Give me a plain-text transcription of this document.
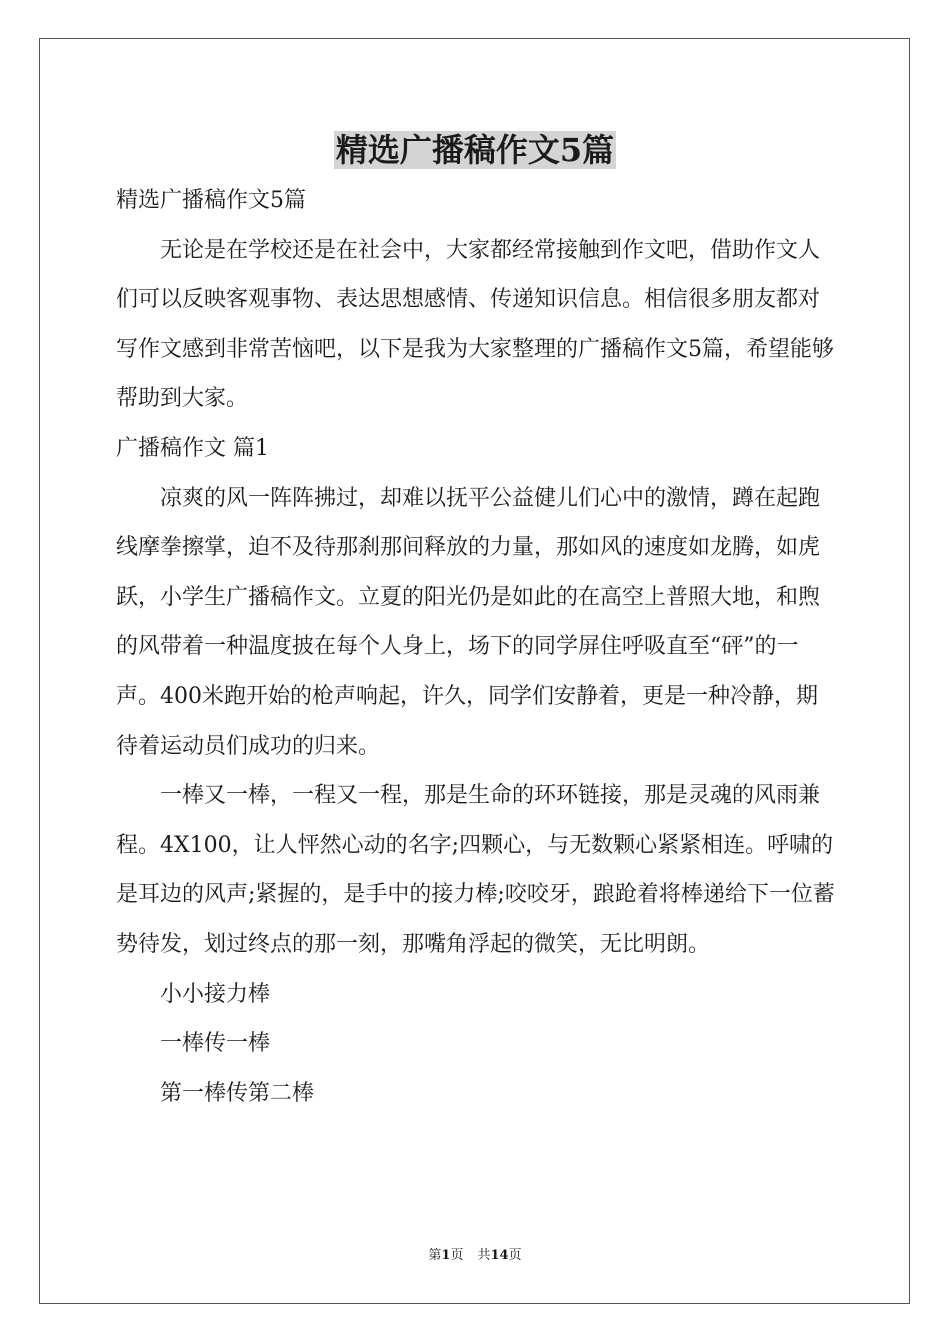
精选广播稿作文5篇

精选广播稿作文5篇

无论是在学校还是在社会中，大家都经常接触到作文吧，借助作文人们可以反映客观事物、表达思想感情、传递知识信息。相信很多朋友都对写作文感到非常苦恼吧，以下是我为大家整理的广播稿作文5篇，希望能够帮助到大家。

广播稿作文 篇1

凉爽的风一阵阵拂过，却难以抚平公益健儿们心中的激情，蹲在起跑线摩拳擦掌，迫不及待那刹那间释放的力量，那如风的速度如龙腾，如虎跃，小学生广播稿作文。立夏的阳光仍是如此的在高空上普照大地，和煦的风带着一种温度披在每个人身上，场下的同学屏住呼吸直至“砰”的一声。400米跑开始的枪声响起，许久，同学们安静着，更是一种冷静，期待着运动员们成功的归来。

一棒又一棒，一程又一程，那是生命的环环链接，那是灵魂的风雨兼程。4X100，让人怦然心动的名字;四颗心，与无数颗心紧紧相连。呼啸的是耳边的风声;紧握的，是手中的接力棒;咬咬牙，踉跄着将棒递给下一位蓄势待发，划过终点的那一刻，那嘴角浮起的微笑，无比明朗。

小小接力棒

一棒传一棒

第一棒传第二棒

第1页 共14页
